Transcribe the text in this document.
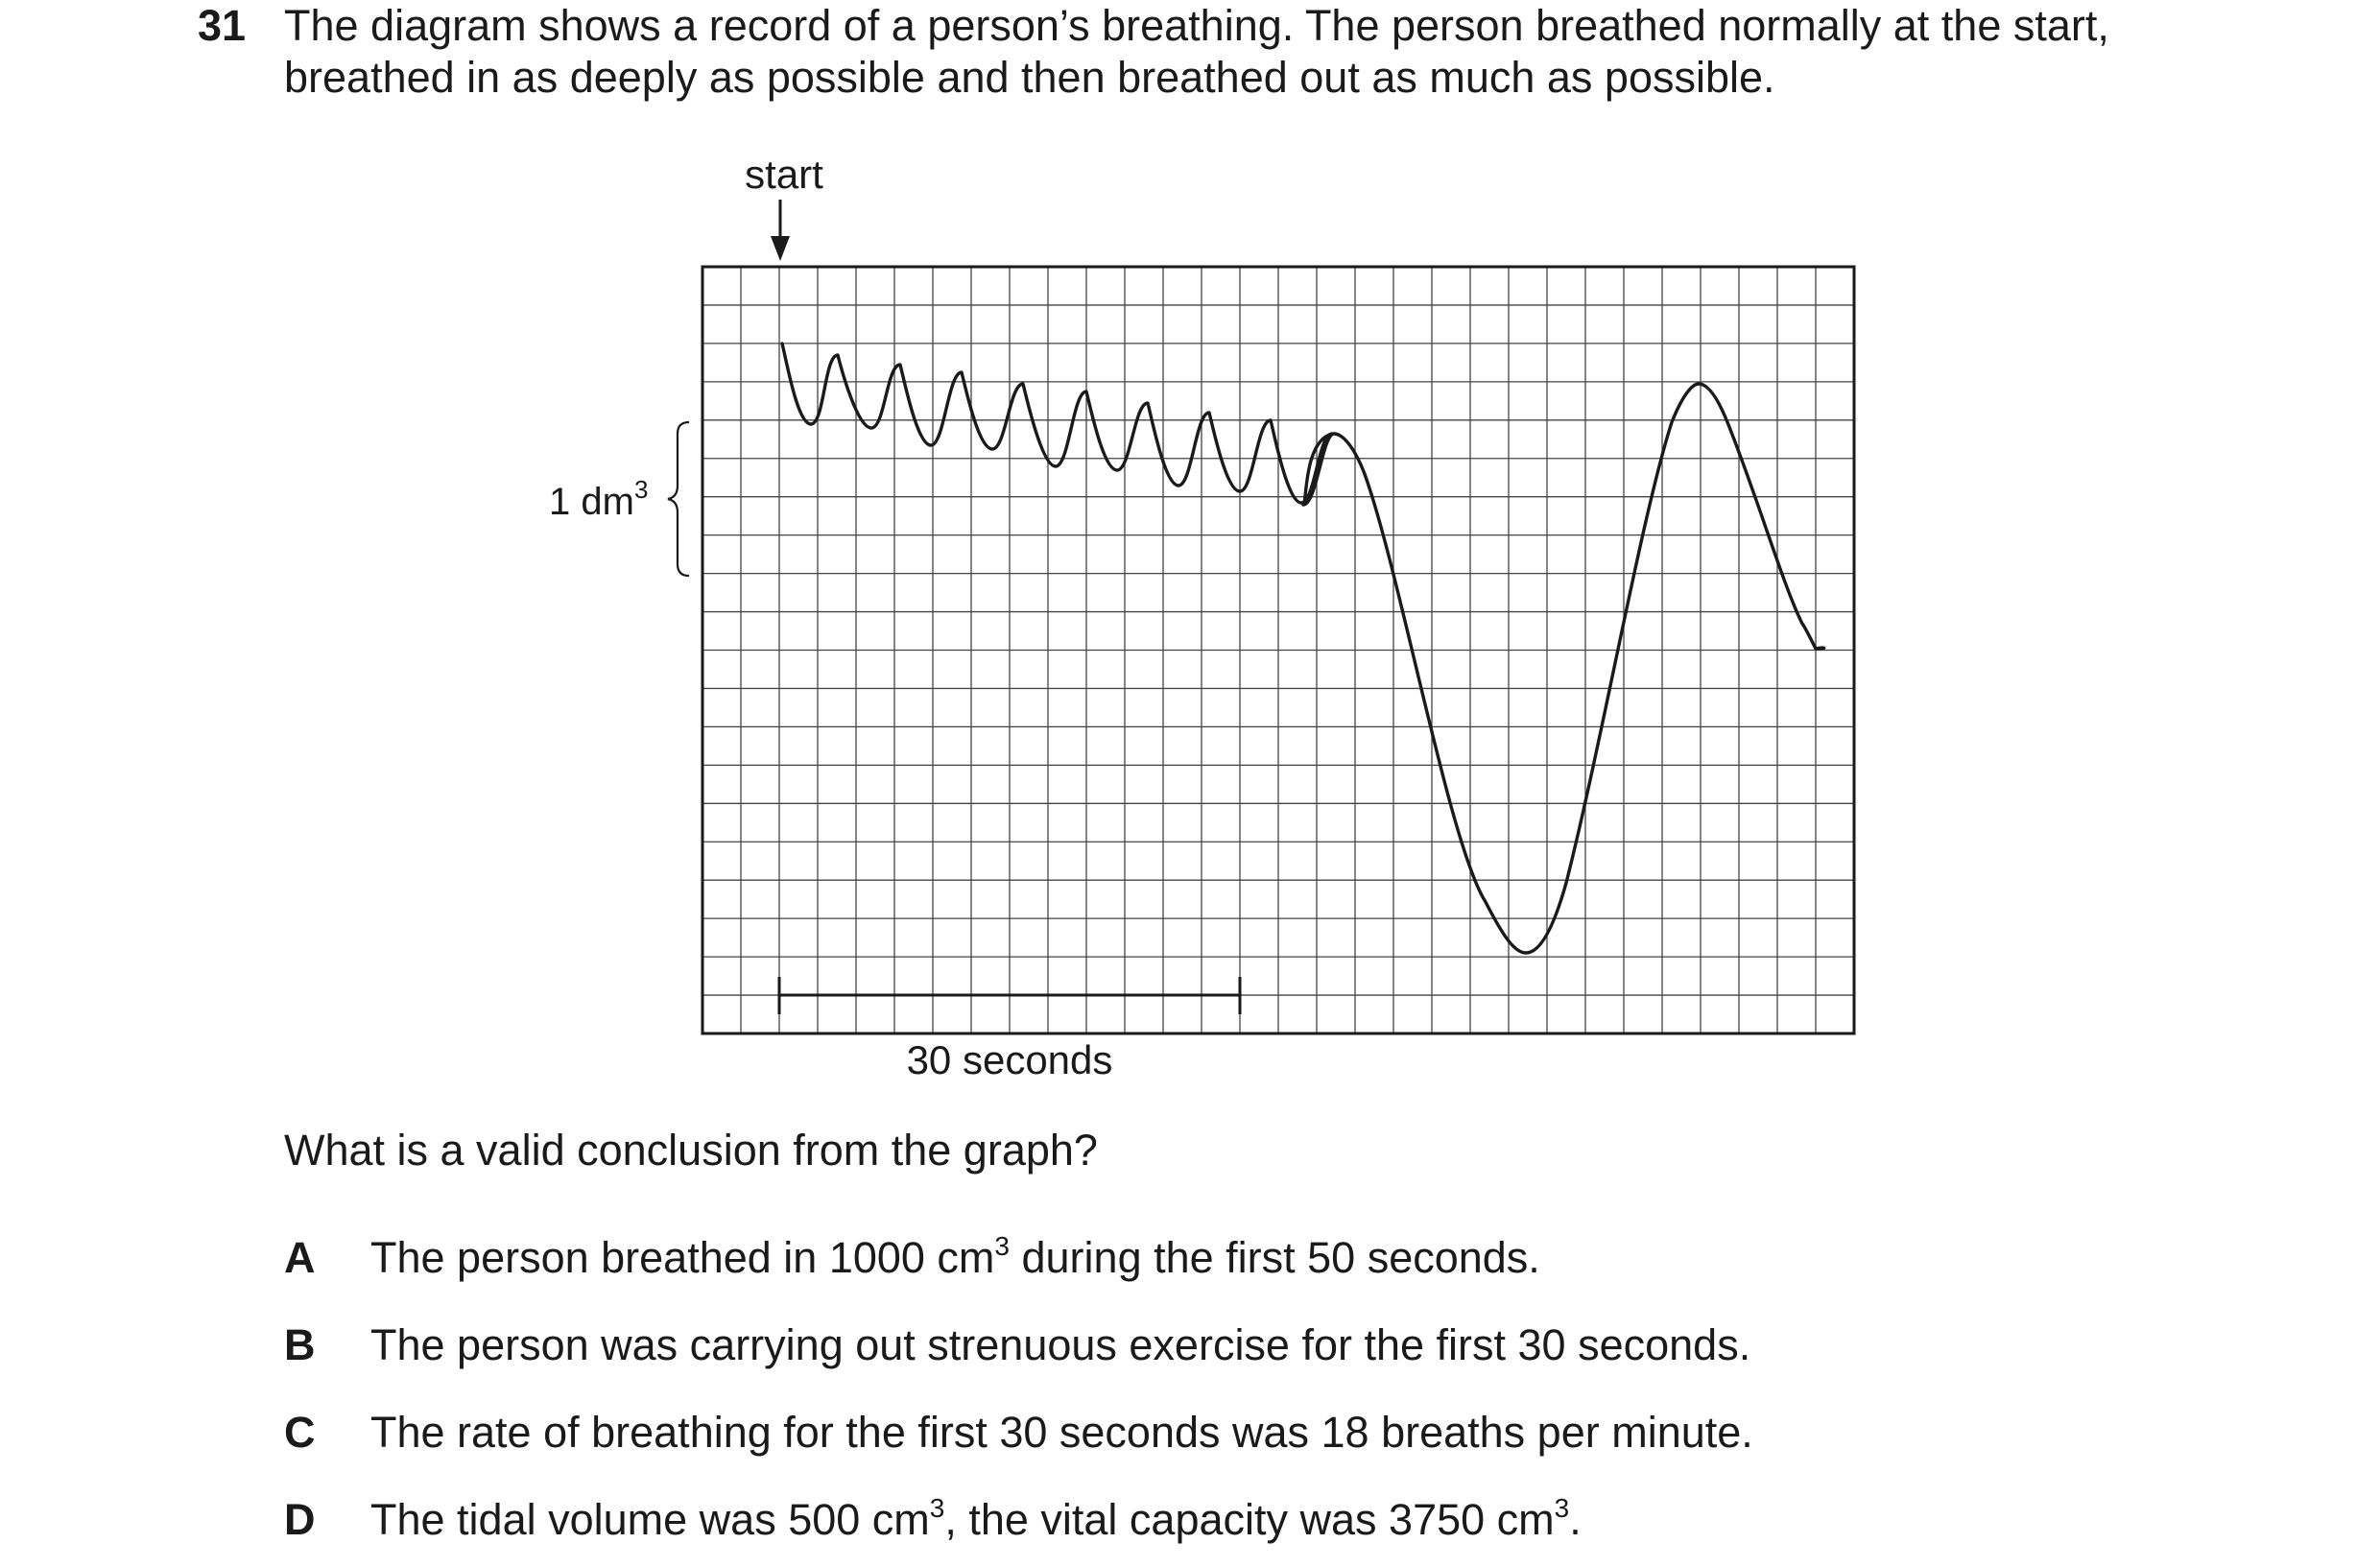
31 The diagram shows a record of a person’s breathing. The person breathed normally at the start,
breathed in as deeply as possible and then breathed out as much as possible.
start
1 $dm^3$
30 seconds
What is a valid conclusion from the graph?
A The person breathed in 1000 $cm^3$ during the first 50 seconds.
B The person was carrying out strenuous exercise for the first 30 seconds.
C The rate of breathing for the first 30 seconds was 18 breaths per minute.
D The tidal volume was 500 $cm^3$, the vital capacity was 3750 $cm^3$.
